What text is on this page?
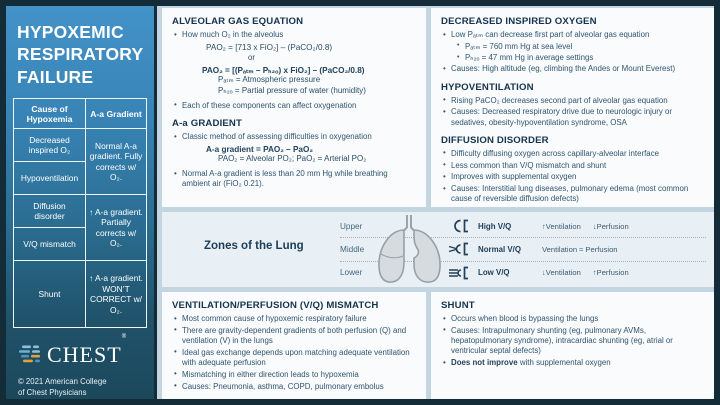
HYPOXEMIC RESPIRATORY FAILURE
Cause of Hypoxemia	A-a Gradient
Decreased inspired O₂	Normal A-a gradient. Fully corrects w/ O₂.
Hypoventilation	
Diffusion disorder	↑ A-a gradient. Partially corrects w/ O₂.
V/Q mismatch	
Shunt	↑ A-a gradient. WON’T CORRECT w/ O₂.
CHEST®
© 2021 American College
of Chest Physicians
ALVEOLAR GAS EQUATION
• How much O₂ in the alveolus
PAO₂ = [713 x FiO₂] – (PaCO₂/0.8)
or
PAO₂ = [(Pₐₜₘ – Pₕ₂ₒ) x FiO₂] – (PaCO₂/0.8)
Pₐₜₘ = Atmospheric pressure
Pₕ₂ₒ = Partial pressure of water (humidity)
• Each of these components can affect oxygenation
A-a GRADIENT
• Classic method of assessing difficulties in oxygenation
A-a gradient = PAO₂ – PaO₂
PAO₂ = Alveolar PO₂; PaO₂ = Arterial PO₂
• Normal A-a gradient is less than 20 mm Hg while breathing ambient air (FiO₂ 0.21).
DECREASED INSPIRED OXYGEN
• Low Pₐₜₘ can decrease first part of alveolar gas equation
• Pₐₜₘ = 760 mm Hg at sea level
• Pₕ₂ₒ = 47 mm Hg in average settings
• Causes: High altitude (eg, climbing the Andes or Mount Everest)
HYPOVENTILATION
• Rising PaCO₂ decreases second part of alveolar gas equation
• Causes: Decreased respiratory drive due to neurologic injury or sedatives, obesity-hypoventilation syndrome, OSA
DIFFUSION DISORDER
• Difficulty diffusing oxygen across capillary-alveolar interface
• Less common than V/Q mismatch and shunt
• Improves with supplemental oxygen
• Causes: Interstitial lung diseases, pulmonary edema (most common cause of reversible diffusion defects)
Zones of the Lung
Upper	High V/Q	↑Ventilation ↓Perfusion
Middle	Normal V/Q	Ventilation ≈ Perfusion
Lower	Low V/Q	↓Ventilation ↑Perfusion
VENTILATION/PERFUSION (V/Q) MISMATCH
• Most common cause of hypoxemic respiratory failure
• There are gravity-dependent gradients of both perfusion (Q) and ventilation (V) in the lungs
• Ideal gas exchange depends upon matching adequate ventilation with adequate perfusion
• Mismatching in either direction leads to hypoxemia
• Causes: Pneumonia, asthma, COPD, pulmonary embolus
SHUNT
• Occurs when blood is bypassing the lungs
• Causes: Intrapulmonary shunting (eg, pulmonary AVMs, hepatopulmonary syndrome), intracardiac shunting (eg, atrial or ventricular septal defects)
• Does not improve with supplemental oxygen
